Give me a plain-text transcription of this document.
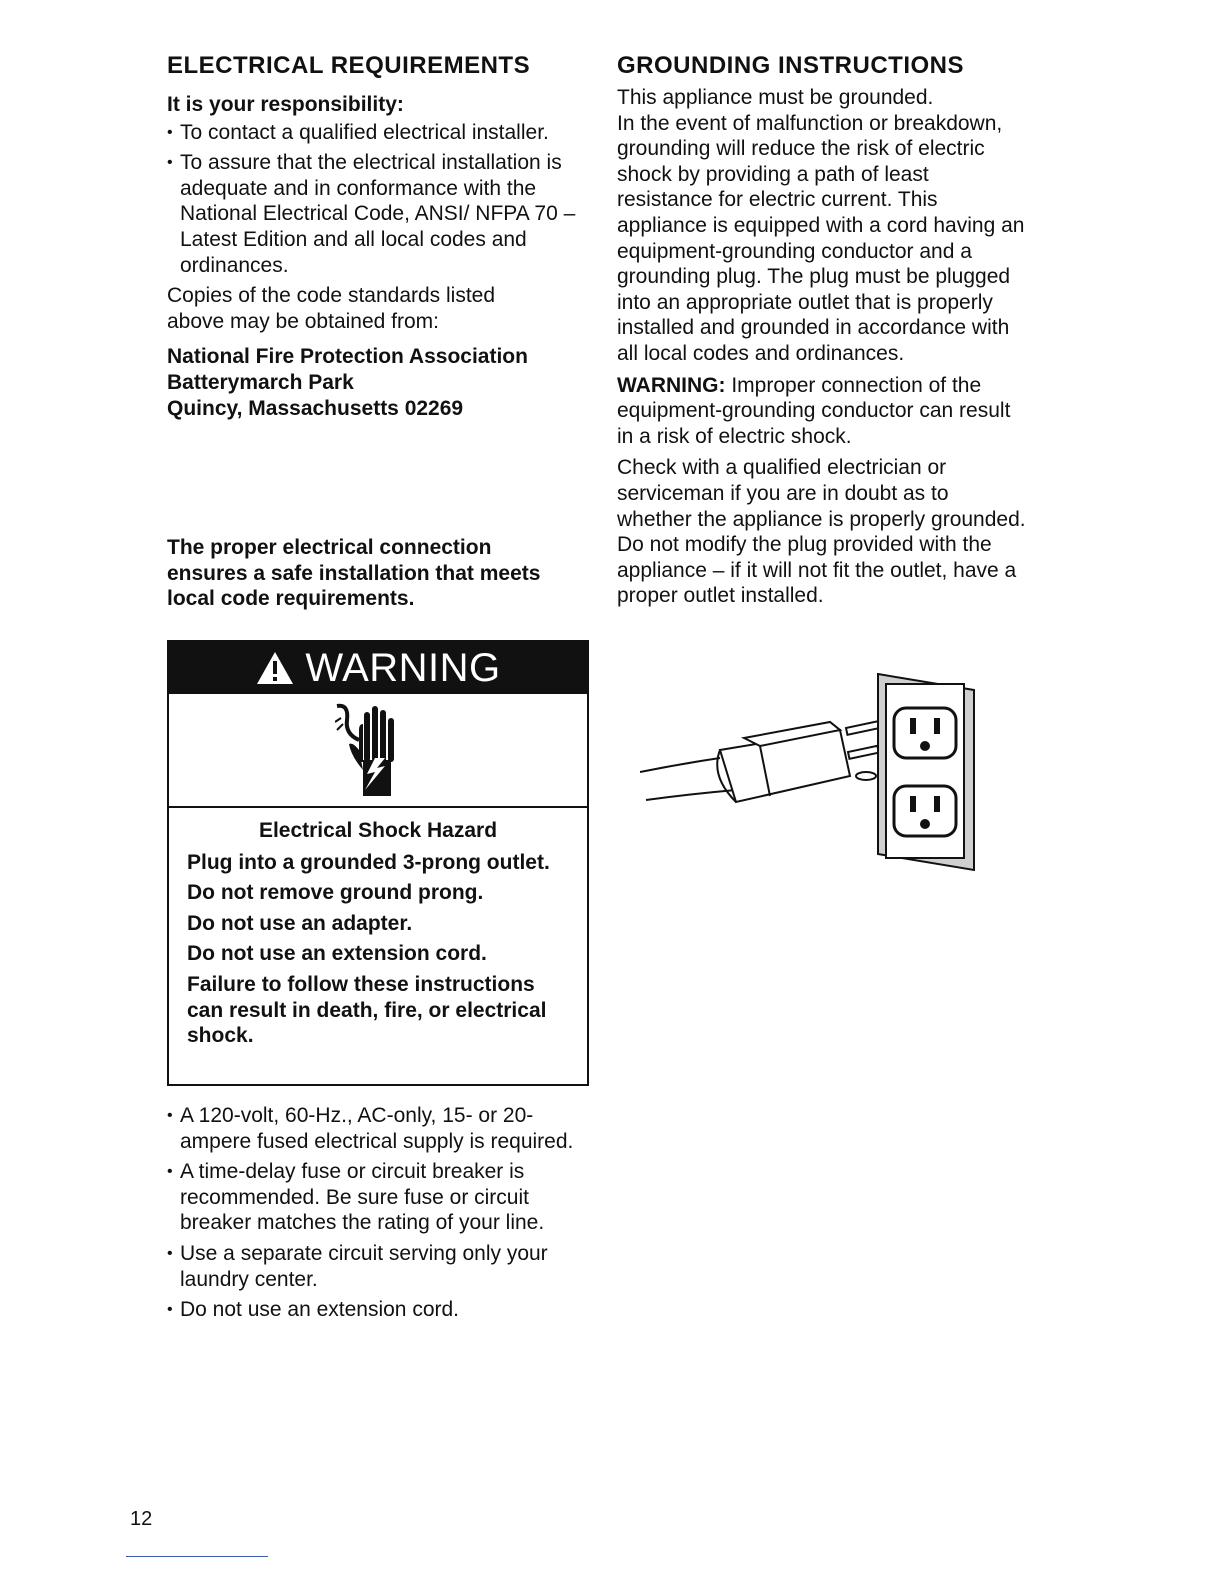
ELECTRICAL REQUIREMENTS
It is your responsibility:
• To contact a qualified electrical installer.
• To assure that the electrical installation is adequate and in conformance with the National Electrical Code, ANSI/ NFPA 70 – Latest Edition and all local codes and ordinances.

Copies of the code standards listed above may be obtained from:

National Fire Protection Association
Batterymarch Park
Quincy, Massachusetts 02269

The proper electrical connection ensures a safe installation that meets local code requirements.

WARNING
Electrical Shock Hazard

Plug into a grounded 3-prong outlet.

Do not remove ground prong.

Do not use an adapter.

Do not use an extension cord.

Failure to follow these instructions can result in death, fire, or electrical shock.

• A 120-volt, 60-Hz., AC-only, 15- or 20-ampere fused electrical supply is required.
• A time-delay fuse or circuit breaker is recommended. Be sure fuse or circuit breaker matches the rating of your line.
• Use a separate circuit serving only your laundry center.
• Do not use an extension cord.
GROUNDING INSTRUCTIONS

This appliance must be grounded.

In the event of malfunction or breakdown, grounding will reduce the risk of electric shock by providing a path of least resistance for electric current. This appliance is equipped with a cord having an equipment-grounding conductor and a grounding plug. The plug must be plugged into an appropriate outlet that is properly installed and grounded in accordance with all local codes and ordinances.

WARNING: Improper connection of the equipment-grounding conductor can result in a risk of electric shock.

Check with a qualified electrician or serviceman if you are in doubt as to whether the appliance is properly grounded. Do not modify the plug provided with the appliance – if it will not fit the outlet, have a proper outlet installed.

12
